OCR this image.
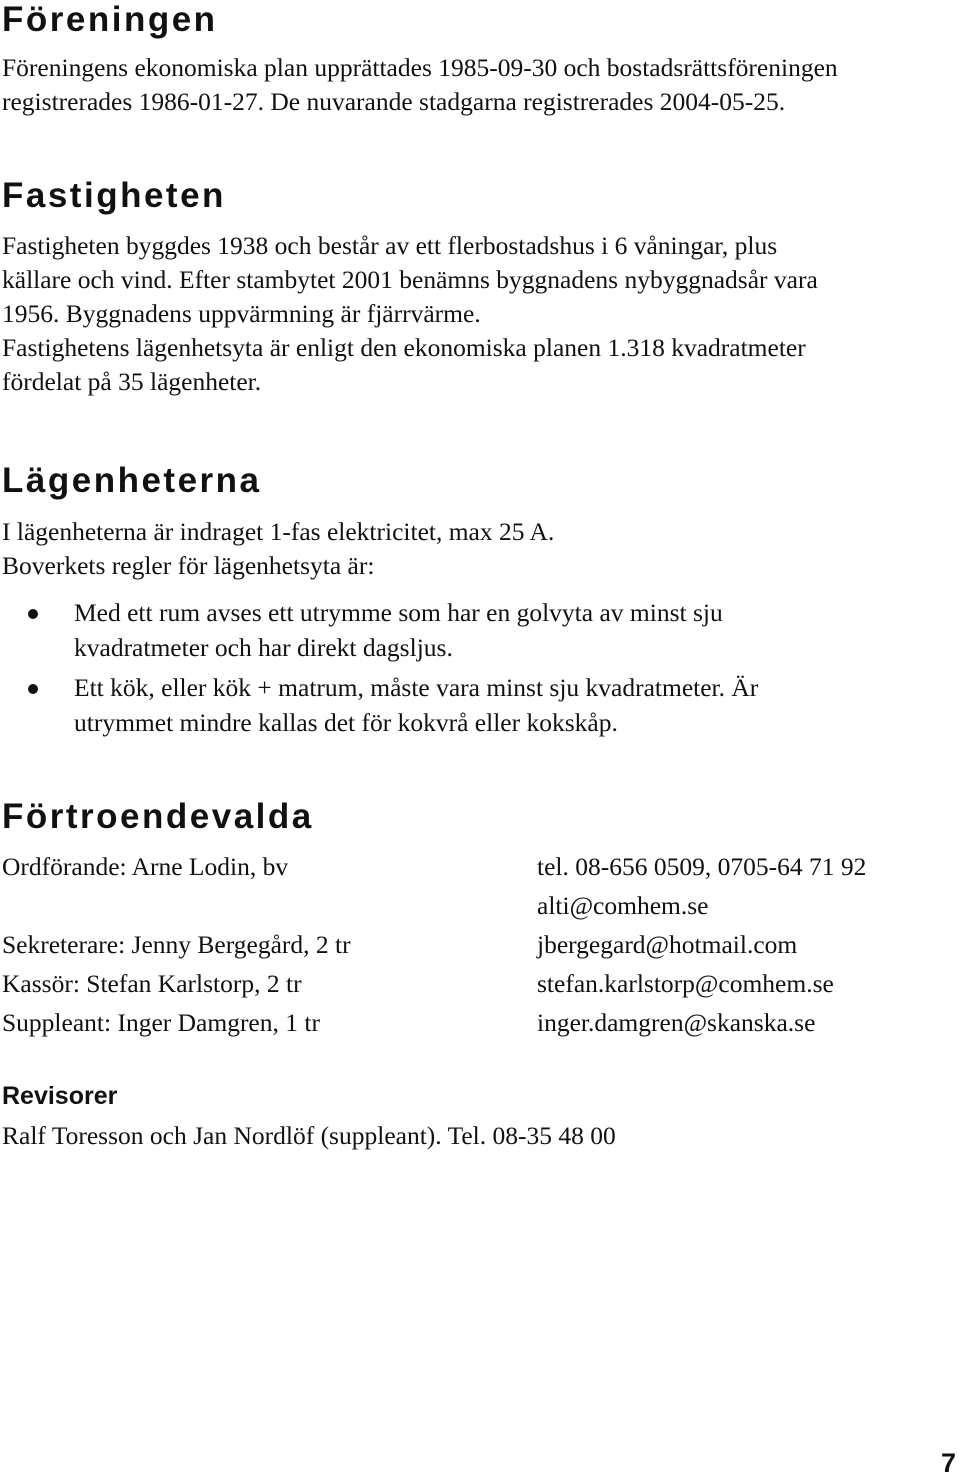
Föreningen

Föreningens ekonomiska plan upprättades 1985-09-30 och bostadsrättsföreningen
registrerades 1986-01-27. De nuvarande stadgarna registrerades 2004-05-25.

Fastigheten

Fastigheten byggdes 1938 och består av ett flerbostadshus i 6 våningar, plus
källare och vind. Efter stambytet 2001 benämns byggnadens nybyggnadsår vara
1956. Byggnadens uppvärmning är fjärrvärme.
Fastighetens lägenhetsyta är enligt den ekonomiska planen 1.318 kvadratmeter
fördelat på 35 lägenheter.

Lägenheterna

I lägenheterna är indraget 1-fas elektricitet, max 25 A.
Boverkets regler för lägenhetsyta är:

Med ett rum avses ett utrymme som har en golvyta av minst sju
kvadratmeter och har direkt dagsljus.
Ett kök, eller kök + matrum, måste vara minst sju kvadratmeter. Är
utrymmet mindre kallas det för kokvrå eller kokskåp.
Förtroendevalda
Ordförande: Arne Lodin, bv	tel. 08-656 0509, 0705-64 71 92
alti@comhem.se
Sekreterare: Jenny Bergegård, 2 tr	jbergegard@hotmail.com
Kassör: Stefan Karlstorp, 2 tr	stefan.karlstorp@comhem.se
Suppleant: Inger Damgren, 1 tr	inger.damgren@skanska.se
Revisorer

Ralf Toresson och Jan Nordlöf (suppleant). Tel. 08-35 48 00

7
